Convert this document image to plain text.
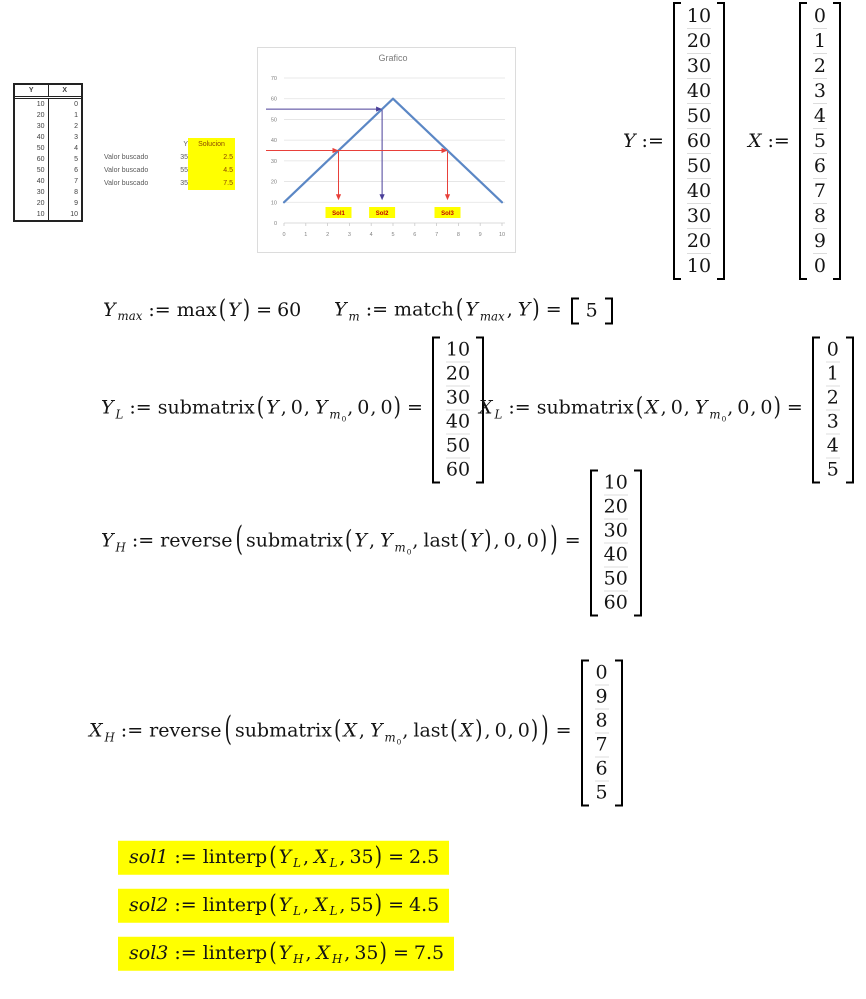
Y	X
10	0
20	1
30	2
40	3
50	4
60	5
50	6
40	7
30	8
20	9
10	10
Y	Solucion
Valor buscado	35	2.5
Valor buscado	55	4.5
Valor buscado	35	7.5
Grafico
0
10
20
30
40
50
60
70
0	1	2	3	4	5	6	7	8	9	10
Sol1	Sol2	Sol3
Y :=
10
20
30
40
50
60
50
40
30
20
10
X :=
0
1
2
3
4
5
6
7
8
9
0
Y $_{max}$ := max ( Y ) = 60 Y $_m$ := match ( Y $_{max}$ , Y ) = 5
Y $_L$ := submatrix ( Y , 0, Y $_{m_0}$, 0, 0) =
10
20
30
40
50
60
X $_L$ := submatrix ( X , 0, Y $_{m_0}$, 0, 0) =
0
1
2
3
4
5
Y $_H$ := reverse ( submatrix ( Y , Y $_{m_0}$, last ( Y ) , 0, 0) ) =
10
20
30
40
50
60
X $_H$ := reverse ( submatrix ( X , Y $_{m_0}$, last ( X ) , 0, 0) ) =
0
9
8
7
6
5
sol1 := linterp ( Y $_L$ , X $_L$ , 35) = 2.5
sol2 := linterp ( Y $_L$ , X $_L$ , 55) = 4.5
sol3 := linterp ( Y $_H$ , X $_H$ , 35) = 7.5
